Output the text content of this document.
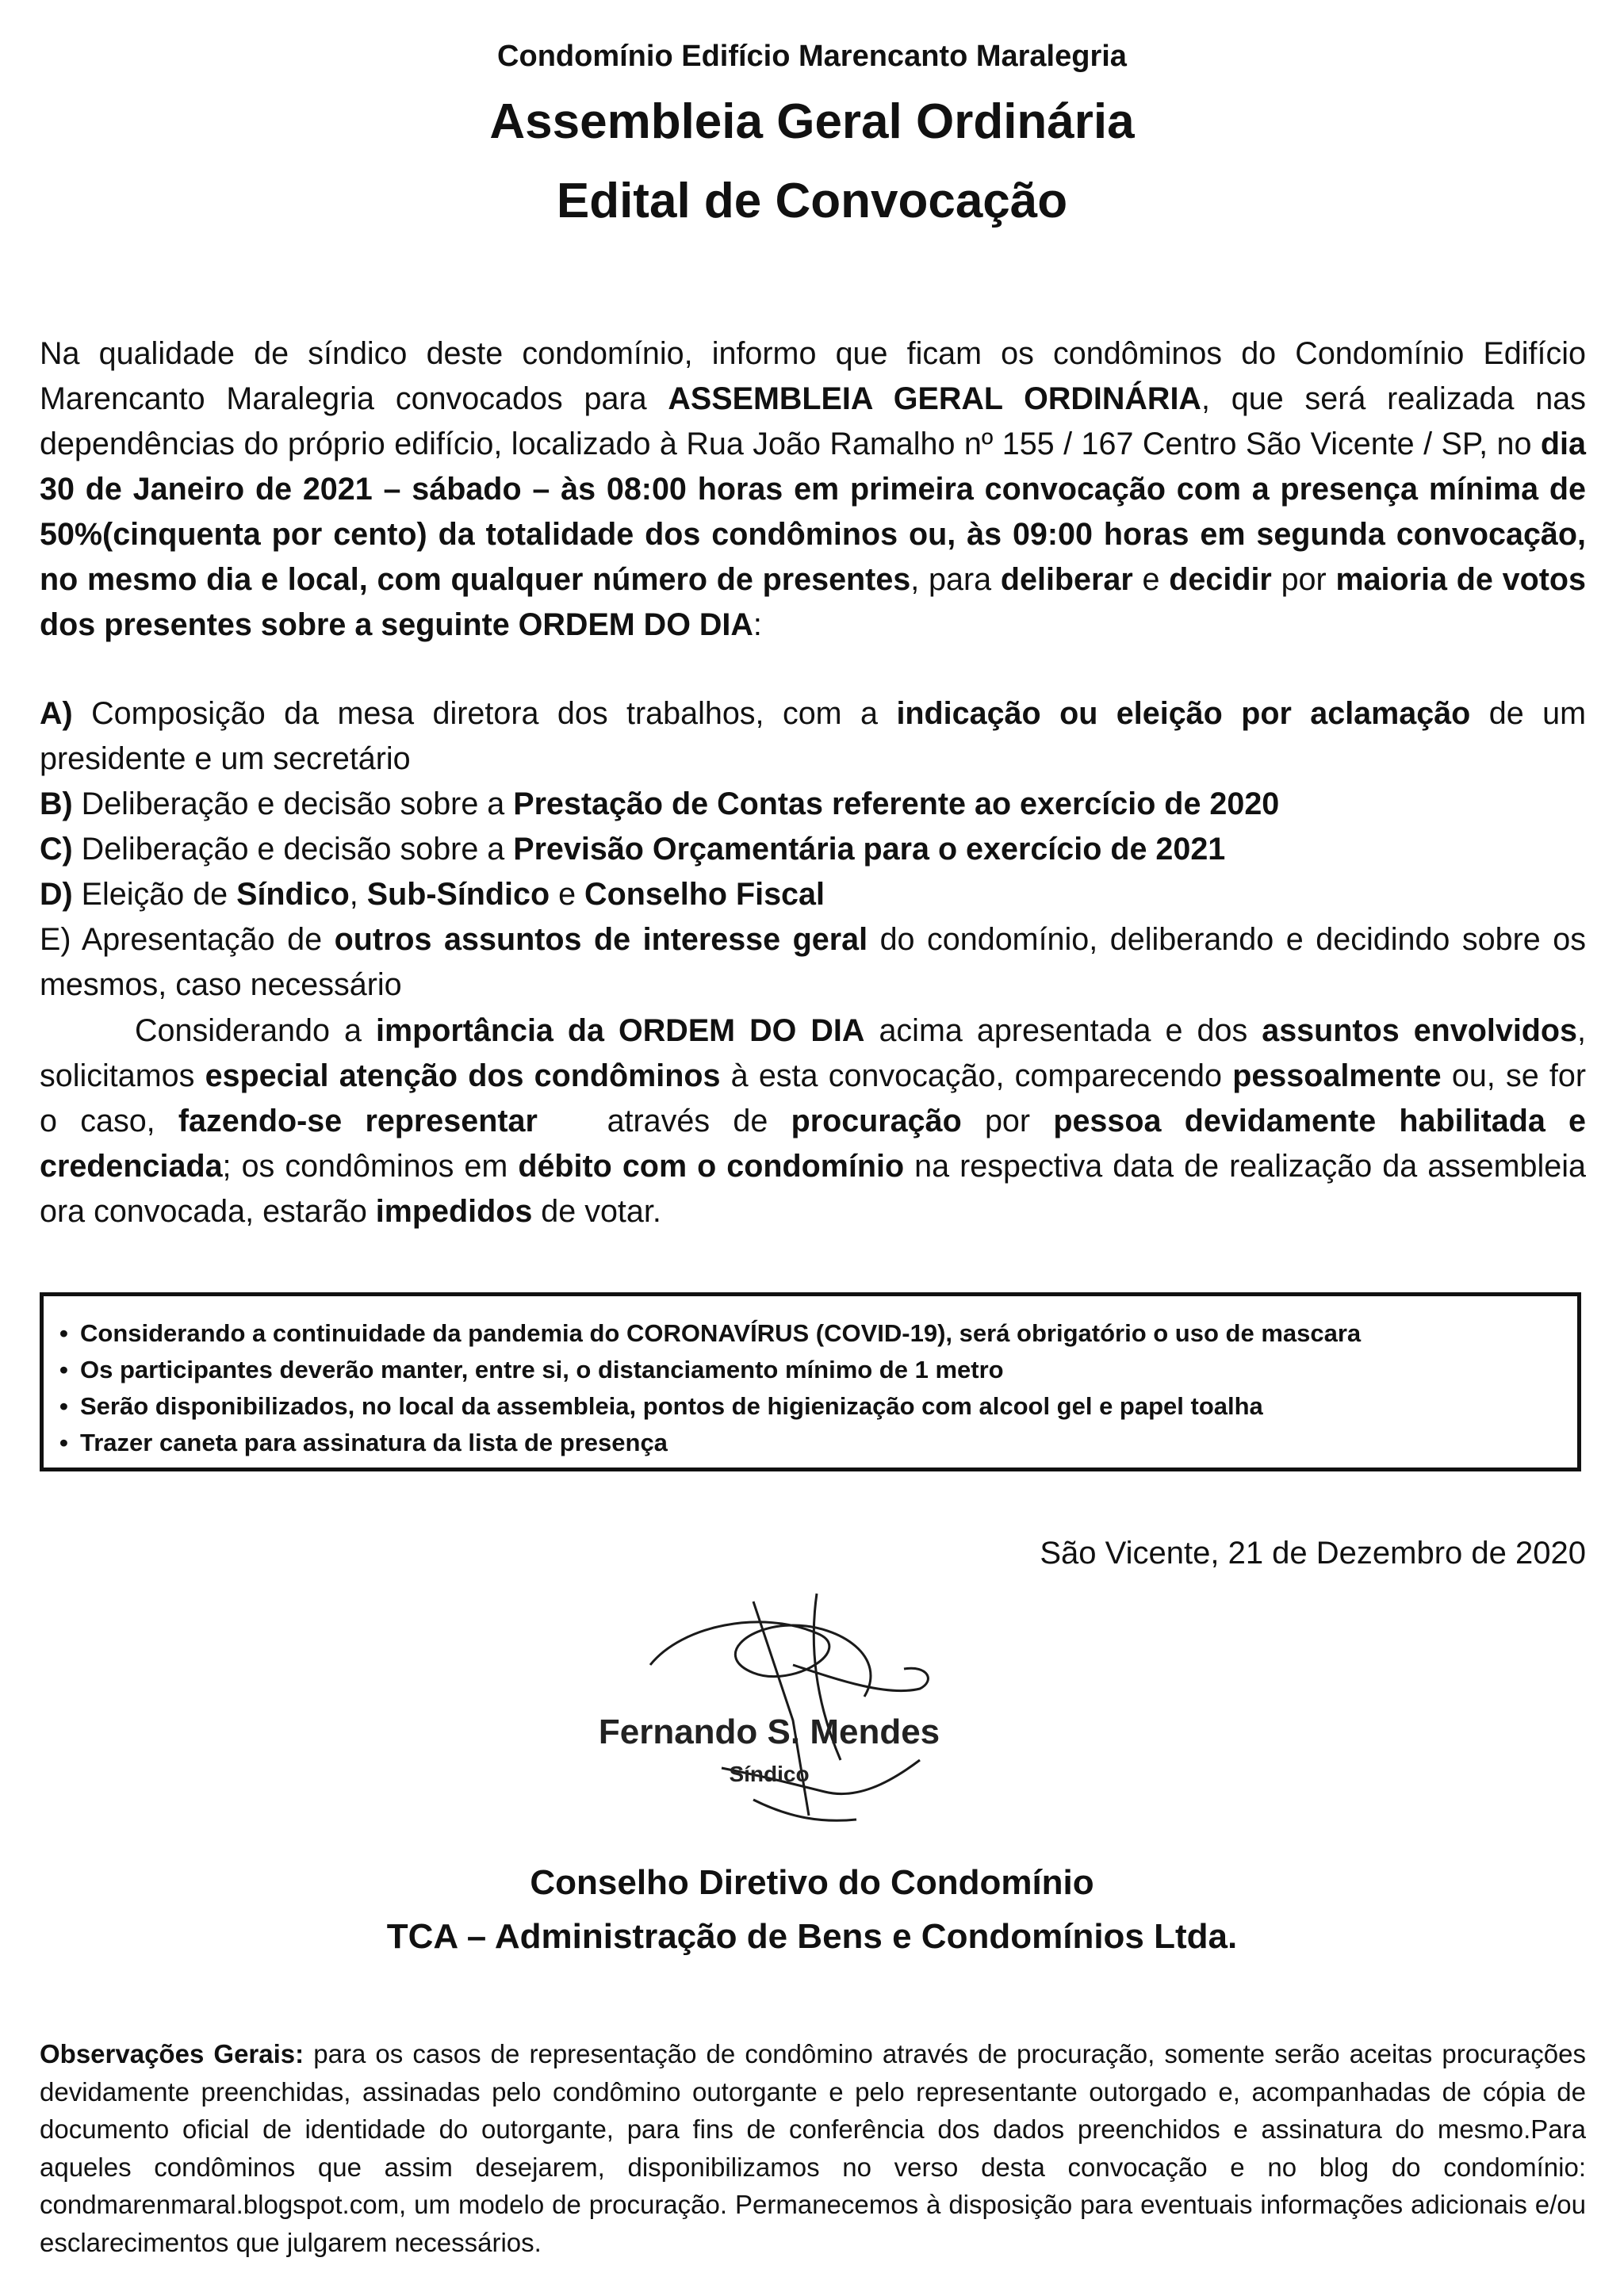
Condomínio Edifício Marencanto Maralegria
Assembleia Geral Ordinária
Edital de Convocação

Na qualidade de síndico deste condomínio, informo que ficam os condôminos do Condomínio Edifício Marencanto Maralegria convocados para ASSEMBLEIA GERAL ORDINÁRIA, que será realizada nas dependências do próprio edifício, localizado à Rua João Ramalho nº 155 / 167 Centro São Vicente / SP, no dia 30 de Janeiro de 2021 – sábado – às 08:00 horas em primeira convocação com a presença mínima de 50%(cinquenta por cento) da totalidade dos condôminos ou, às 09:00 horas em segunda convocação, no mesmo dia e local, com qualquer número de presentes, para deliberar e decidir por maioria de votos dos presentes sobre a seguinte ORDEM DO DIA:

A) Composição da mesa diretora dos trabalhos, com a indicação ou eleição por aclamação de um presidente e um secretário

B) Deliberação e decisão sobre a Prestação de Contas referente ao exercício de 2020

C) Deliberação e decisão sobre a Previsão Orçamentária para o exercício de 2021

D) Eleição de Síndico, Sub-Síndico e Conselho Fiscal

E) Apresentação de outros assuntos de interesse geral do condomínio, deliberando e decidindo sobre os mesmos, caso necessário

Considerando a importância da ORDEM DO DIA acima apresentada e dos assuntos envolvidos, solicitamos especial atenção dos condôminos à esta convocação, comparecendo pessoalmente ou, se for o caso, fazendo-se representar   através de procuração por pessoa devidamente habilitada e credenciada; os condôminos em débito com o condomínio na respectiva data de realização da assembleia ora convocada, estarão impedidos de votar.

• Considerando a continuidade da pandemia do CORONAVÍRUS (COVID-19), será obrigatório o uso de mascara
• Os participantes deverão manter, entre si, o distanciamento mínimo de 1 metro
• Serão disponibilizados, no local da assembleia, pontos de higienização com alcool gel e papel toalha
• Trazer caneta para assinatura da lista de presença
São Vicente, 21 de Dezembro de 2020
Fernando S. Mendes
Síndico
Conselho Diretivo do Condomínio
TCA – Administração de Bens e Condomínios Ltda.

Observações Gerais: para os casos de representação de condômino através de procuração, somente serão aceitas procurações devidamente preenchidas, assinadas pelo condômino outorgante e pelo representante outorgado e, acompanhadas de cópia de documento oficial de identidade do outorgante, para fins de conferência dos dados preenchidos e assinatura do mesmo.Para aqueles condôminos que assim desejarem, disponibilizamos no verso desta convocação e no blog do condomínio: condmarenmaral.blogspot.com, um modelo de procuração. Permanecemos à disposição para eventuais informações adicionais e/ou esclarecimentos que julgarem necessários.
